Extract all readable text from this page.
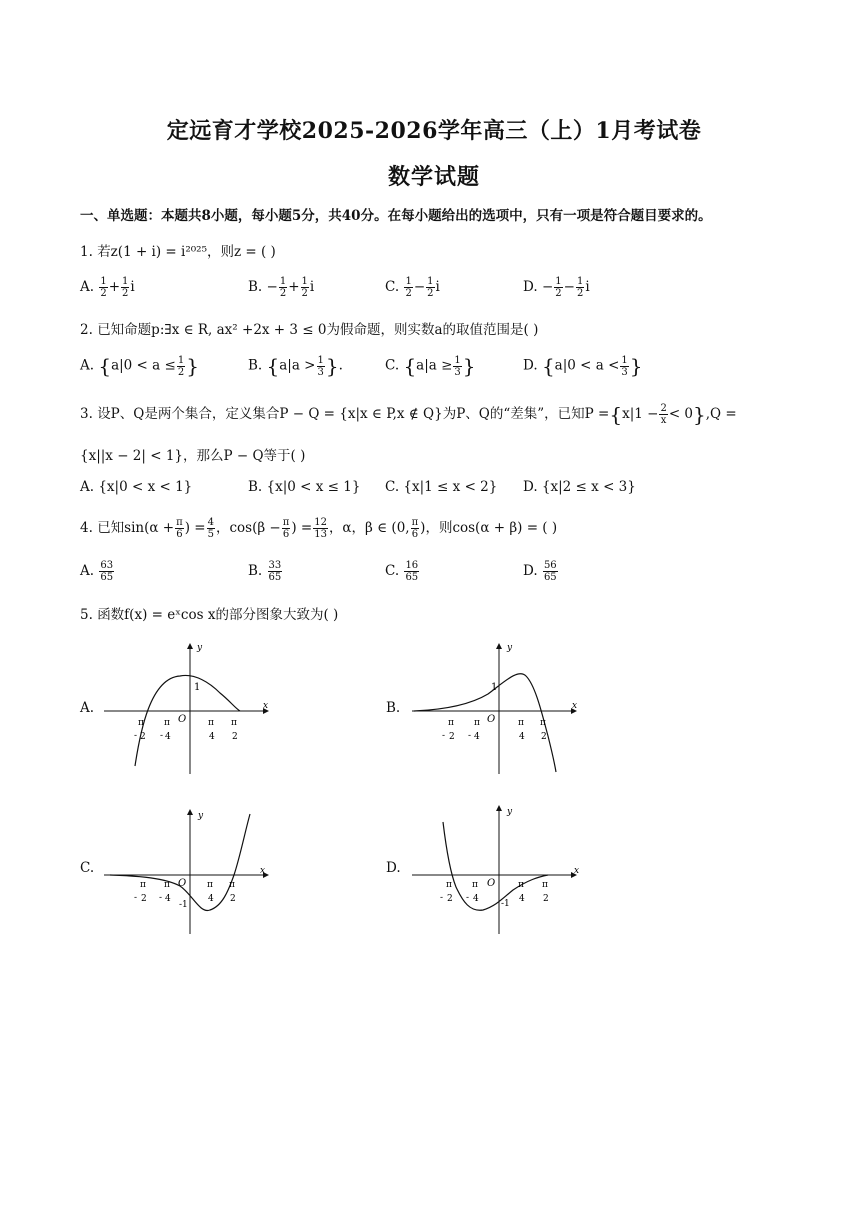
定远育才学校2025-2026学年高三（上）1月考试卷
数学试题
一、单选题：本题共8小题，每小题5分，共40分。在每小题给出的选项中，只有一项是符合题目要求的。
1. 若z(1 + i) = i²⁰²⁵，则z = ( )
A. $\frac{1}{2} + \frac{1}{2}$ i	B. − $\frac{1}{2} + \frac{1}{2}$ i	C. $\frac{1}{2} - \frac{1}{2}$ i	D. − $\frac{1}{2} - \frac{1}{2}$ i
2. 已知命题p:∃x ∈ R, ax² +2x + 3 ≤ 0为假命题，则实数a的取值范围是( )
A. {$a|0 < a \le \frac{1}{2}$ }	B. {$a|a > \frac{1}{3}$ }.	C. {$a|a \ge \frac{1}{3}$ }	D. {$a|0 < a < \frac{1}{3}$ }
3. 设P、Q是两个集合，定义集合P − Q = {x|x ∈ P,x ∉ Q}为P、Q的“差集”，已知$P =\{x|1 - \frac{2}{x} < 0\},Q$ =
{x||x − 2| < 1}，那么P − Q等于( )
A. {x|0 < x < 1}	B. {x|0 < x ≤ 1} C. {x|1 ≤ x < 2} D. {x|2 ≤ x < 3}
4. 已知$\sin(\alpha + \frac{\pi}{6}$ ) = $\frac{4}{5}$ ，$\cos(\beta - \frac{\pi}{6}$ ) = $\frac{12}{13}$ ，α，β ∈ (0, $\frac{\pi}{6}$ )，则cos(α + β) = ( )
A. $\frac{63}{65}$	B. $\frac{33}{65}$	C. $\frac{16}{65}$	D. $\frac{56}{65}$
5. 函数f(x) = eˣcos x的部分图象大致为( )
A.
y
x
O
1
π
- 2
π
- 4
π
4
π
2
B.
y
x
O
1
π
- 2
π
- 4
π
4
π
2
C.
y
x
O
-1
π
- 2
π
- 4
π
4
π
2
D.
y
x
O
-1
π
- 2
π
- 4
π
4
π
2
